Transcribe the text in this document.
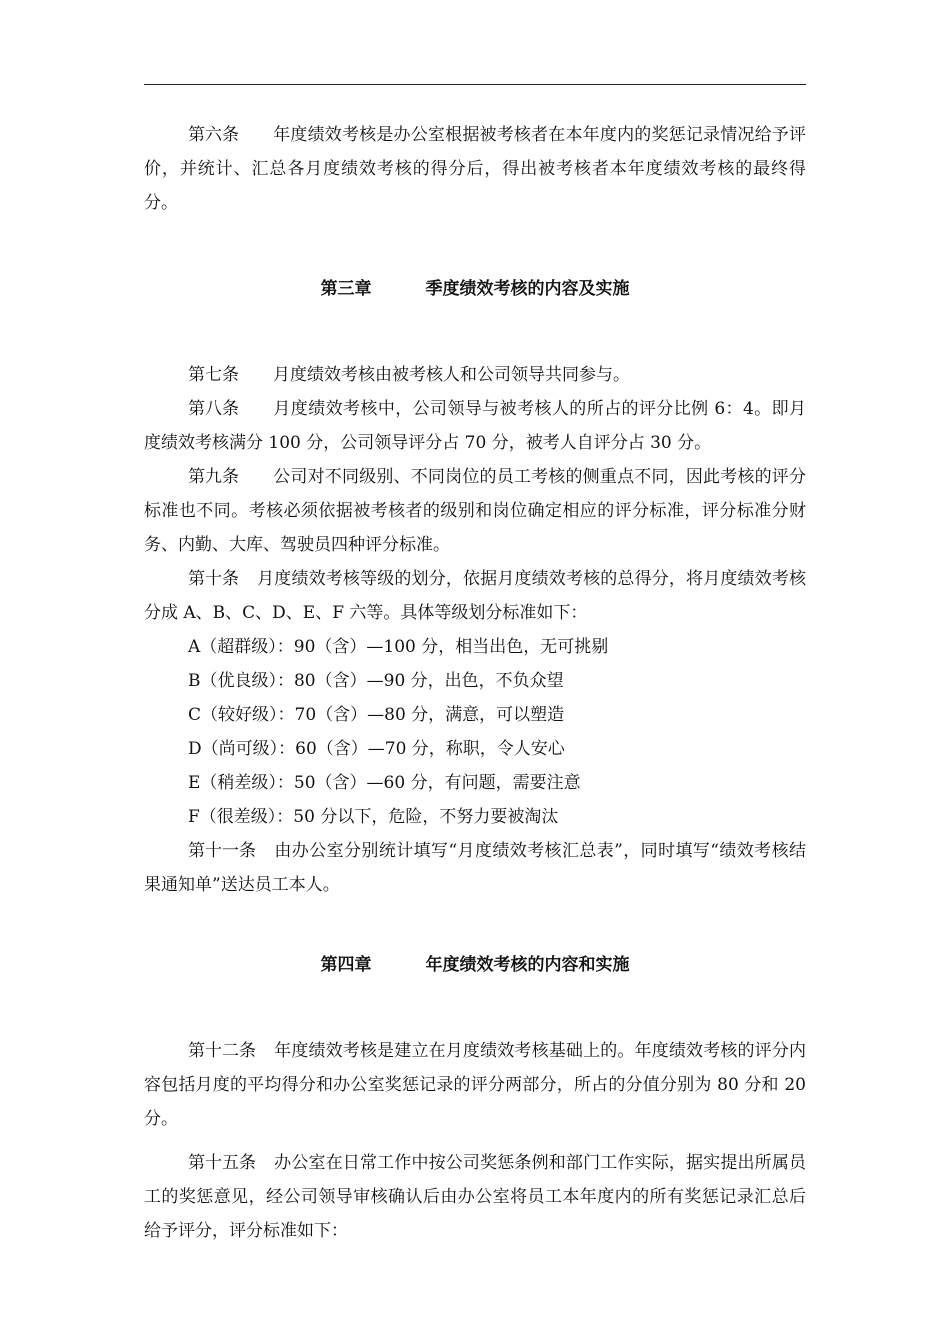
第六条 年度绩效考核是办公室根据被考核者在本年度内的奖惩记录情况给予评价，并统计、汇总各月度绩效考核的得分后，得出被考核者本年度绩效考核的最终得分。

第三章	季度绩效考核的内容及实施

第七条 月度绩效考核由被考核人和公司领导共同参与。

第八条 月度绩效考核中，公司领导与被考核人的所占的评分比例 6：4。即月度绩效考核满分 100 分，公司领导评分占 70 分，被考人自评分占 30 分。

第九条 公司对不同级别、不同岗位的员工考核的侧重点不同，因此考核的评分标准也不同。考核必须依据被考核者的级别和岗位确定相应的评分标准，评分标准分财务、内勤、大库、驾驶员四种评分标准。

第十条 月度绩效考核等级的划分，依据月度绩效考核的总得分，将月度绩效考核分成 A、B、C、D、E、F 六等。具体等级划分标准如下：

A（超群级）：90（含）—100 分，相当出色，无可挑剔

B（优良级）：80（含）—90 分，出色，不负众望

C（较好级）：70（含）—80 分，满意，可以塑造

D（尚可级）：60（含）—70 分，称职，令人安心

E（稍差级）：50（含）—60 分，有问题，需要注意

F（很差级）：50 分以下，危险，不努力要被淘汰

第十一条 由办公室分别统计填写“月度绩效考核汇总表”，同时填写“绩效考核结果通知单”送达员工本人。

第四章	年度绩效考核的内容和实施

第十二条 年度绩效考核是建立在月度绩效考核基础上的。年度绩效考核的评分内容包括月度的平均得分和办公室奖惩记录的评分两部分，所占的分值分别为 80 分和 20 分。

第十五条 办公室在日常工作中按公司奖惩条例和部门工作实际，据实提出所属员工的奖惩意见，经公司领导审核确认后由办公室将员工本年度内的所有奖惩记录汇总后给予评分，评分标准如下：
